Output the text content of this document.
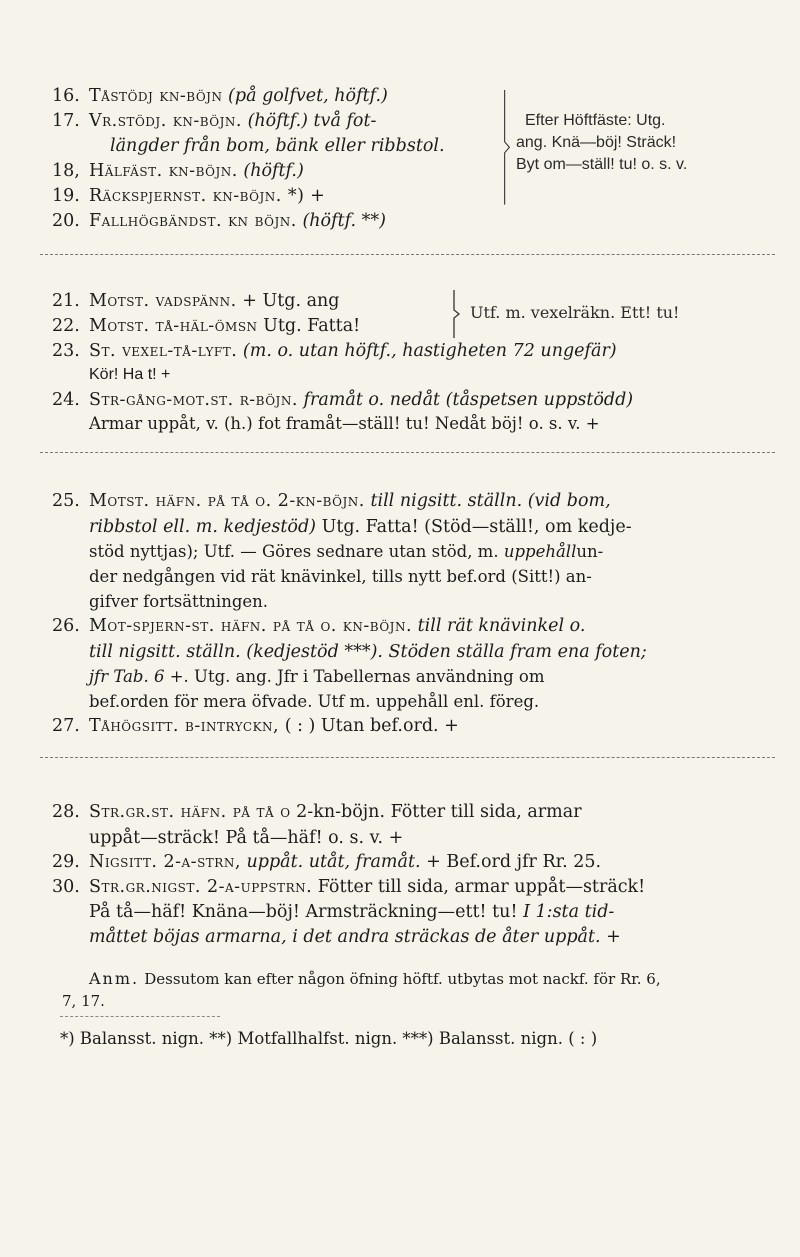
16. Tåstödj kn-böjn (på golfvet, höftf.)
17. Vr.stödj. kn-böjn. (höftf.) två fot-
längder från bom, bänk eller ribbstol.
18, Hälfäst. kn-böjn. (höftf.)
19. Räckspjernst. kn-böjn. *) +
20. Fallhögbändst. kn böjn. (höftf. **)
Efter Höftfäste: Utg.
ang. Knä—böj! Sträck!
Byt om—ställ! tu! o. s. v.
21. Motst. vadspänn. + Utg. ang
22. Motst. tå-häl-ömsn Utg. Fatta!
Utf. m. vexelräkn. Ett! tu!
23. St. vexel-tå-lyft. (m. o. utan höftf., hastigheten 72 ungefär)
Kör! Ha t! +
24. Str-gång-mot.st. r-böjn. framåt o. nedåt (tåspetsen uppstödd)
Armar uppåt, v. (h.) fot framåt—ställ! tu! Nedåt böj! o. s. v. +
25. Motst. häfn. på tå o. 2-kn-böjn. till nigsitt. ställn. (vid bom,
ribbstol ell. m. kedjestöd) Utg. Fatta! (Stöd—ställ!, om kedje-
stöd nyttjas); Utf. — Göres sednare utan stöd, m. uppehållun-
der nedgången vid rät knävinkel, tills nytt bef.ord (Sitt!) an-
gifver fortsättningen.
26. Mot-spjern-st. häfn. på tå o. kn-böjn. till rät knävinkel o.
till nigsitt. ställn. (kedjestöd ***). Stöden ställa fram ena foten;
jfr Tab. 6 +. Utg. ang. Jfr i Tabellernas användning om
bef.orden för mera öfvade. Utf m. uppehåll enl. föreg.
27. Tåhögsitt. b-intryckn, ( : ) Utan bef.ord. +
28. Str.gr.st. häfn. på tå o 2-kn-böjn. Fötter till sida, armar
uppåt—sträck! På tå—häf! o. s. v. +
29. Nigsitt. 2-a-strn, uppåt. utåt, framåt. + Bef.ord jfr Rr. 25.
30. Str.gr.nigst. 2-a-uppstrn. Fötter till sida, armar uppåt—sträck!
På tå—häf! Knäna—böj! Armsträckning—ett! tu! I 1:sta tid-
måttet böjas armarna, i det andra sträckas de åter uppåt. +
Anm. Dessutom kan efter någon öfning höftf. utbytas mot nackf. för Rr. 6,
7, 17.
*) Balansst. nign. **) Motfallhalfst. nign. ***) Balansst. nign. ( : )
